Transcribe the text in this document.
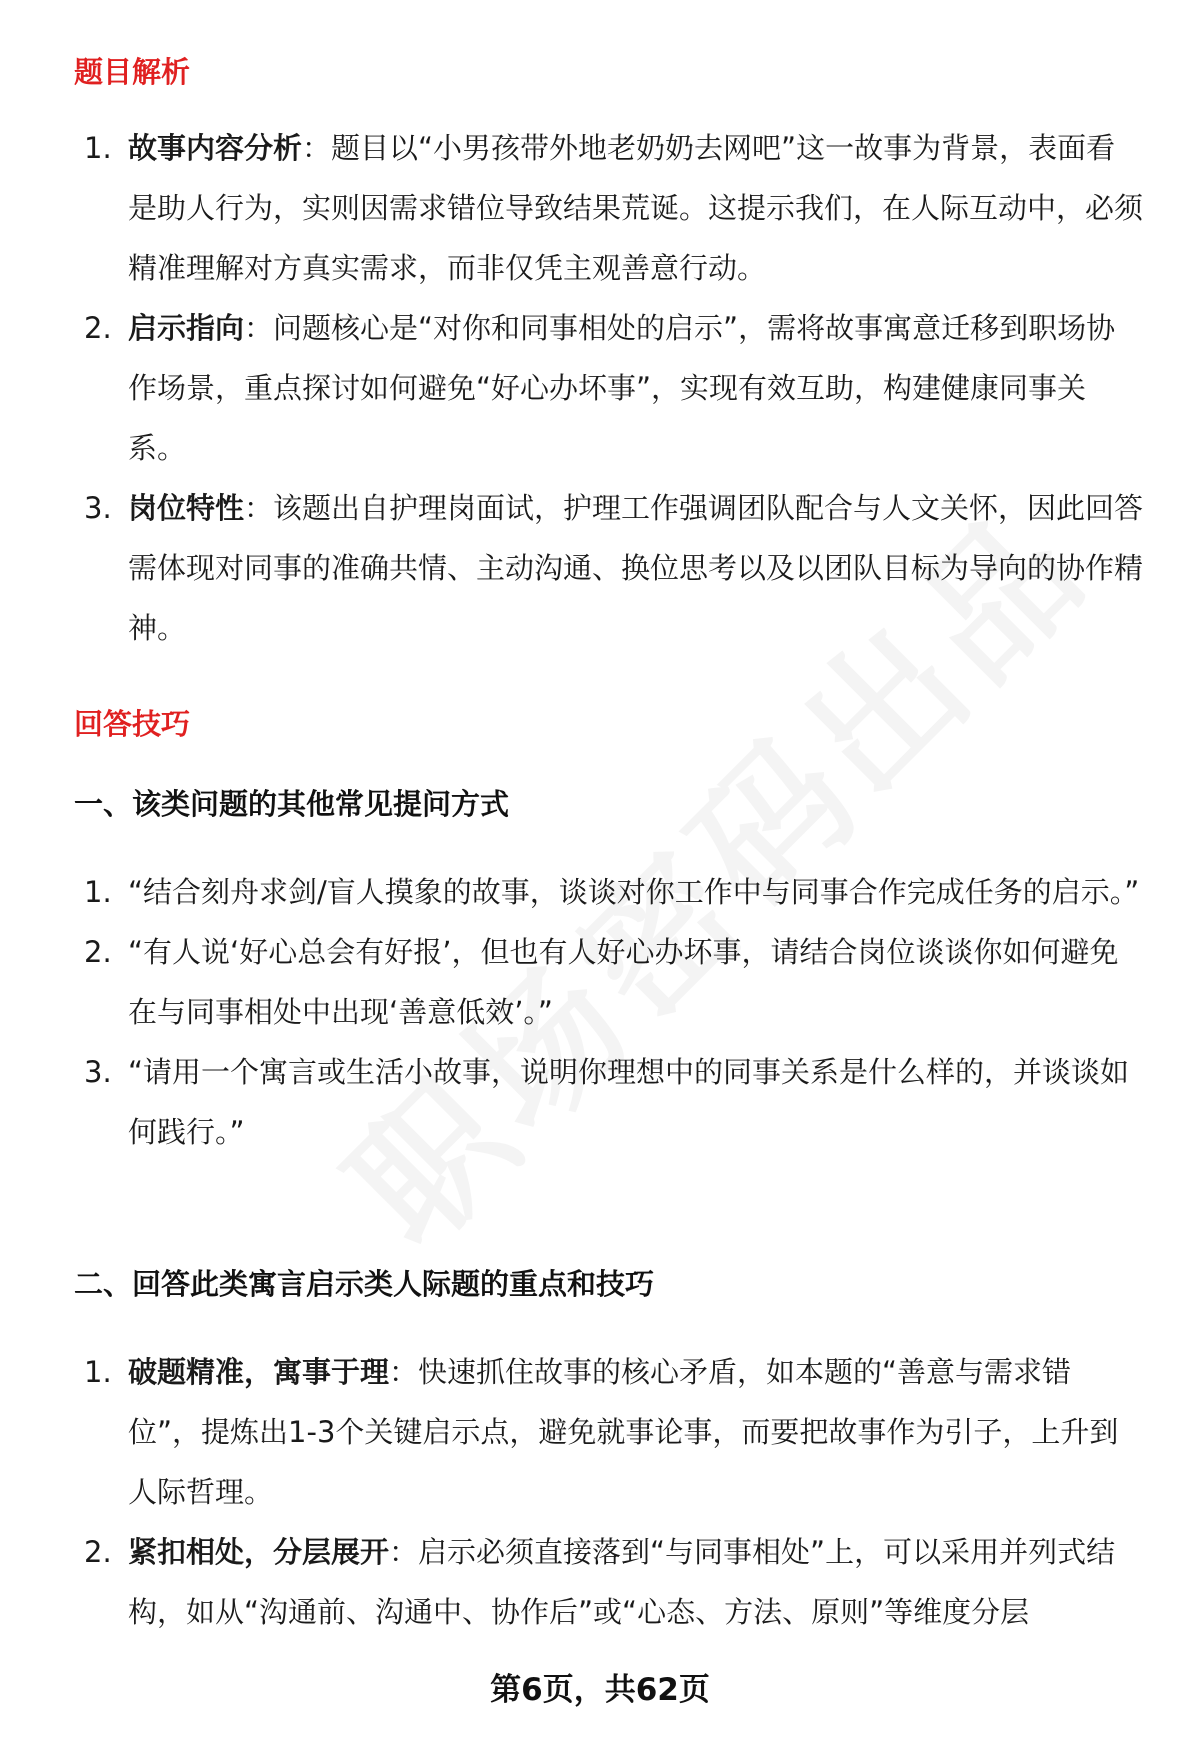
题目解析
1. 故事内容分析：题目以“小男孩带外地老奶奶去网吧”这一故事为背景，表面看是助人行为，实则因需求错位导致结果荒诞。这提示我们，在人际互动中，必须精准理解对方真实需求，而非仅凭主观善意行动。
2. 启示指向：问题核心是“对你和同事相处的启示”，需将故事寓意迁移到职场协作场景，重点探讨如何避免“好心办坏事”，实现有效互助，构建健康同事关系。
3. 岗位特性：该题出自护理岗面试，护理工作强调团队配合与人文关怀，因此回答需体现对同事的准确共情、主动沟通、换位思考以及以团队目标为导向的协作精神。
回答技巧
一、该类问题的其他常见提问方式
1. “结合刻舟求剑/盲人摸象的故事，谈谈对你工作中与同事合作完成任务的启示。”
2. “有人说‘好心总会有好报’，但也有人好心办坏事，请结合岗位谈谈你如何避免在与同事相处中出现‘善意低效’。”
3. “请用一个寓言或生活小故事，说明你理想中的同事关系是什么样的，并谈谈如何践行。”
二、回答此类寓言启示类人际题的重点和技巧
1. 破题精准，寓事于理：快速抓住故事的核心矛盾，如本题的“善意与需求错位”，提炼出1-3个关键启示点，避免就事论事，而要把故事作为引子，上升到人际哲理。
2. 紧扣相处，分层展开：启示必须直接落到“与同事相处”上，可以采用并列式结构，如从“沟通前、沟通中、协作后”或“心态、方法、原则”等维度分层
第6页，共62页
